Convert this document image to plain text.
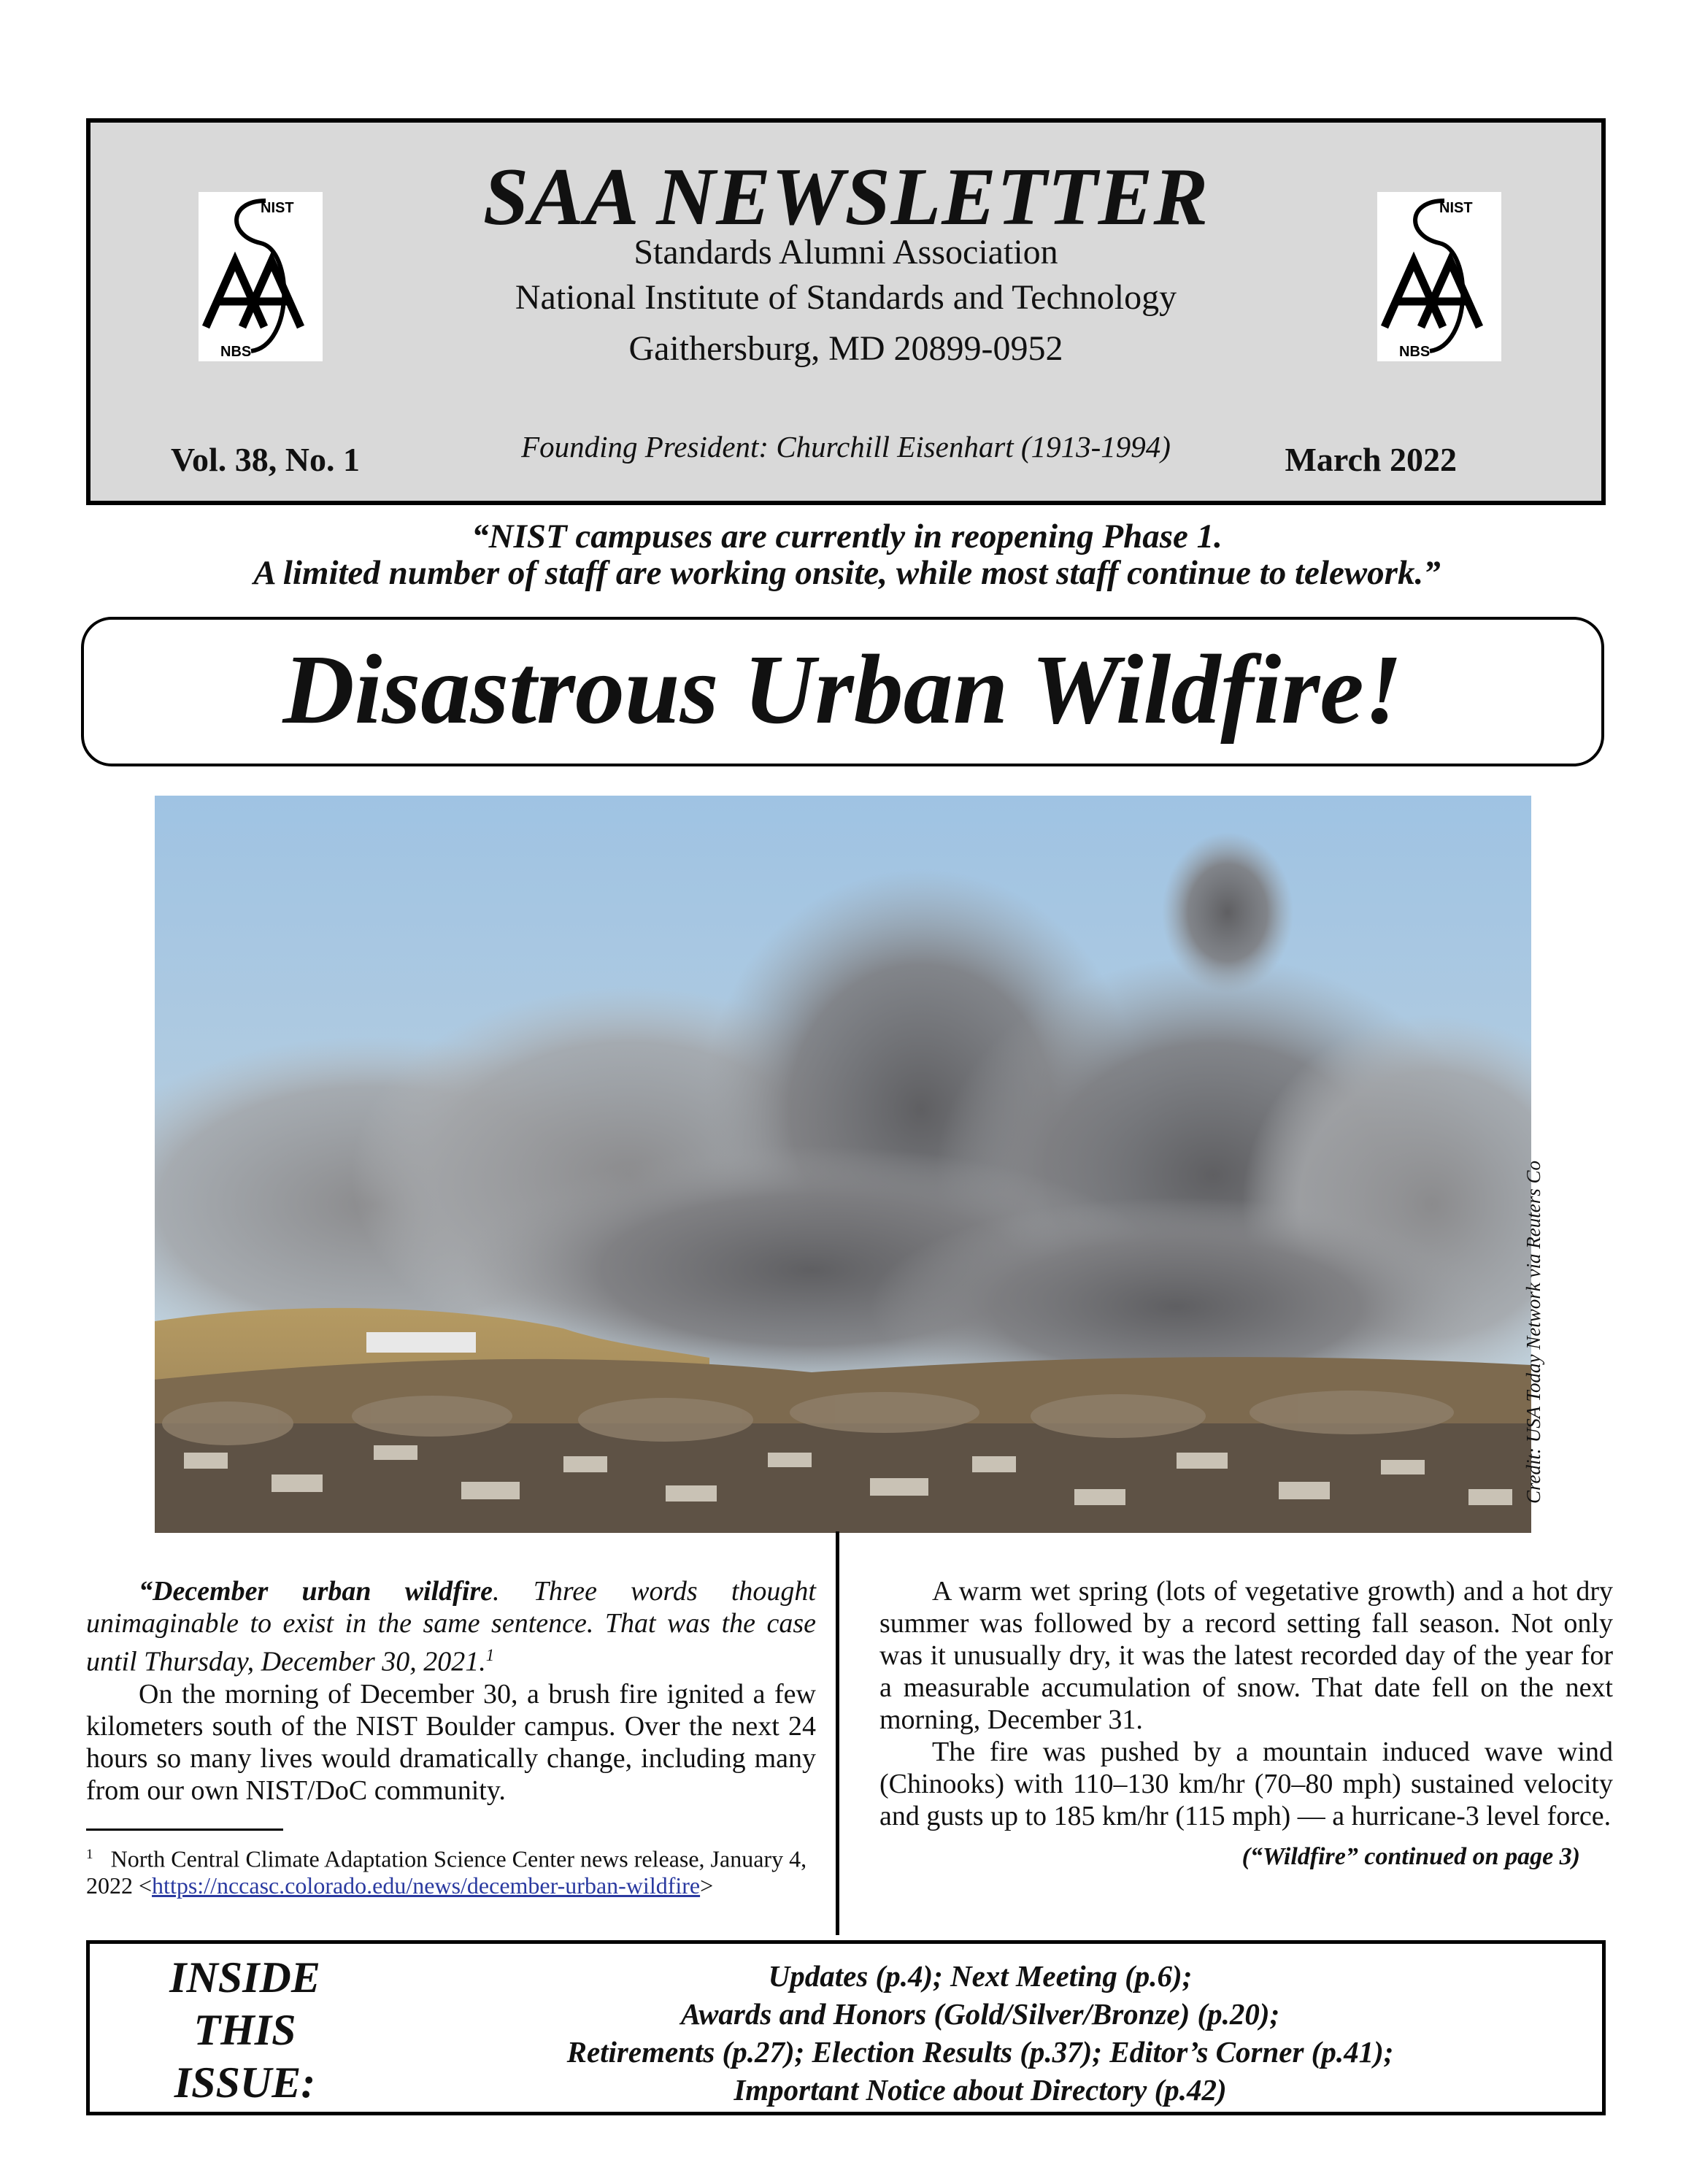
NIST
NBS
NIST
NBS
SAA NEWSLETTER
Standards Alumni Association
National Institute of Standards and Technology
Gaithersburg, MD 20899-0952
Founding President: Churchill Eisenhart (1913-1994)
Vol. 38, No. 1	March 2022
“NIST campuses are currently in reopening Phase 1.
A limited number of staff are working onsite, while most staff continue to telework.”
Disastrous Urban Wildfire!
Credit: USA Today Network via Reuters Co

“December urban wildfire. Three words thought unimaginable to exist in the same sentence. That was the case until Thursday, December 30, 2021.$^1$

On the morning of December 30, a brush fire ignited a few kilometers south of the NIST Boulder campus. Over the next 24 hours so many lives would dramatically change, including many from our own NIST/DoC community.

$^1$ North Central Climate Adaptation Science Center news release, January 4, 2022 <https://nccasc.colorado.edu/news/december-urban-wildfire>

A warm wet spring (lots of vegetative growth) and a hot dry summer was followed by a record setting fall season. Not only was it unusually dry, it was the latest recorded day of the year for a measurable accumulation of snow. That date fell on the next morning, December 31.

The fire was pushed by a mountain induced wave wind (Chinooks) with 110–130 km/hr (70–80 mph) sustained velocity and gusts up to 185 km/hr (115 mph) — a hurricane-3 level force.

(“Wildfire” continued on page 3)
INSIDE
THIS
ISSUE:
Updates (p.4); Next Meeting (p.6);
Awards and Honors (Gold/Silver/Bronze) (p.20);
Retirements (p.27); Election Results (p.37); Editor’s Corner (p.41);
Important Notice about Directory (p.42)
